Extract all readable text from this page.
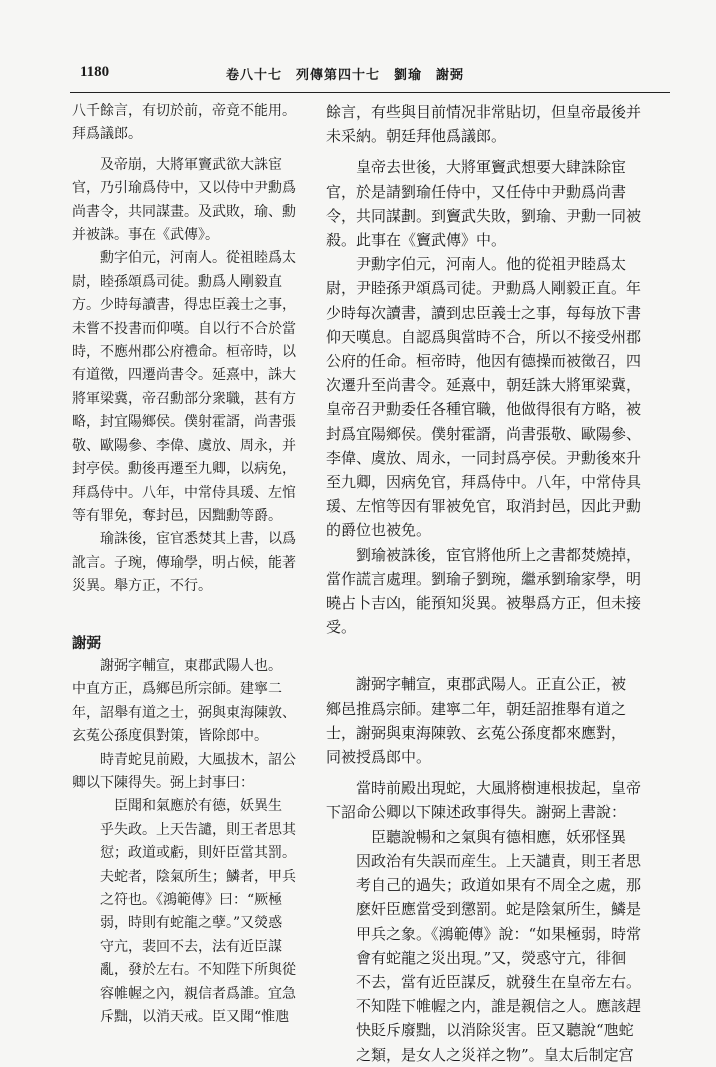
1180	卷八十七　列傳第四十七　劉瑜　謝弼

八千餘言，有切於前，帝竟不能用。

拜爲議郎。

　　及帝崩，大將軍竇武欲大誅宦

官，乃引瑜爲侍中，又以侍中尹勳爲

尚書令，共同謀畫。及武敗，瑜、勳

并被誅。事在《武傳》。

　　勳字伯元，河南人。從祖睦爲太

尉，睦孫頌爲司徒。勳爲人剛毅直

方。少時每讀書，得忠臣義士之事，

未嘗不投書而仰嘆。自以行不合於當

時，不應州郡公府禮命。桓帝時，以

有道徵，四遷尚書令。延熹中，誅大

將軍梁冀，帝召勳部分衆職，甚有方

略，封宜陽鄉侯。僕射霍諝，尚書張

敬、歐陽參、李偉、虞放、周永，并

封亭侯。勳後再遷至九卿，以病免，

拜爲侍中。八年，中常侍具瑗、左悺

等有罪免，奪封邑，因黜勳等爵。

　　瑜誅後，宦官悉焚其上書，以爲

訛言。子琬，傳瑜學，明占候，能著

災異。舉方正，不行。

謝弼

　　謝弼字輔宣，東郡武陽人也。

中直方正，爲鄉邑所宗師。建寧二

年，詔舉有道之士，弼與東海陳敦、

玄菟公孫度俱對策，皆除郎中。

　　時青蛇見前殿，大風拔木，詔公

卿以下陳得失。弼上封事曰：

　　　臣聞和氣應於有德，妖異生

　　乎失政。上天告譴，則王者思其

　　愆；政道或虧，則奸臣當其罰。

　　夫蛇者，陰氣所生；鱗者，甲兵

　　之符也。《鴻範傳》曰：“厥極

　　弱，時則有蛇龍之孽。”又熒惑

　　守亢，裴回不去，法有近臣謀

　　亂，發於左右。不知陛下所與從

　　容帷幄之內，親信者爲誰。宜急

　　斥黜，以消天戒。臣又聞“惟虺

餘言，有些與目前情况非常貼切，但皇帝最後并

未采納。朝廷拜他爲議郎。

　　皇帝去世後，大將軍竇武想要大肆誅除宦

官，於是請劉瑜任侍中，又任侍中尹勳爲尚書

令，共同謀劃。到竇武失敗，劉瑜、尹勳一同被

殺。此事在《竇武傳》中。

　　尹勳字伯元，河南人。他的從祖尹睦爲太

尉，尹睦孫尹頌爲司徒。尹勳爲人剛毅正直。年

少時每次讀書，讀到忠臣義士之事，每每放下書

仰天嘆息。自認爲與當時不合，所以不接受州郡

公府的任命。桓帝時，他因有德操而被徵召，四

次遷升至尚書令。延熹中，朝廷誅大將軍梁冀，

皇帝召尹勳委任各種官職，他做得很有方略，被

封爲宜陽鄉侯。僕射霍諝，尚書張敬、歐陽參、

李偉、虞放、周永，一同封爲亭侯。尹勳後來升

至九卿，因病免官，拜爲侍中。八年，中常侍具

瑗、左悺等因有罪被免官，取消封邑，因此尹勳

的爵位也被免。

　　劉瑜被誅後，宦官將他所上之書都焚燒掉，

當作謊言處理。劉瑜子劉琬，繼承劉瑜家學，明

曉占卜吉凶，能預知災異。被舉爲方正，但未接

受。

　　謝弼字輔宣，東郡武陽人。正直公正，被

鄉邑推爲宗師。建寧二年，朝廷詔推舉有道之

士，謝弼與東海陳敦、玄菟公孫度都來應對，

同被授爲郎中。

　　當時前殿出現蛇，大風將樹連根拔起，皇帝

下詔命公卿以下陳述政事得失。謝弼上書說：

　　　臣聽說暢和之氣與有德相應，妖邪怪異

　　因政治有失誤而産生。上天譴責，則王者思

　　考自己的過失；政道如果有不周全之處，那

　　麽奸臣應當受到懲罰。蛇是陰氣所生，鱗是

　　甲兵之象。《鴻範傳》說：“如果極弱，時常

　　會有蛇龍之災出現。”又，熒惑守亢，徘徊

　　不去，當有近臣謀反，就發生在皇帝左右。

　　不知陛下帷幄之内，誰是親信之人。應該趕

　　快貶斥廢黜，以消除災害。臣又聽說“虺蛇

　　之類，是女人之災祥之物”。皇太后制定宫
